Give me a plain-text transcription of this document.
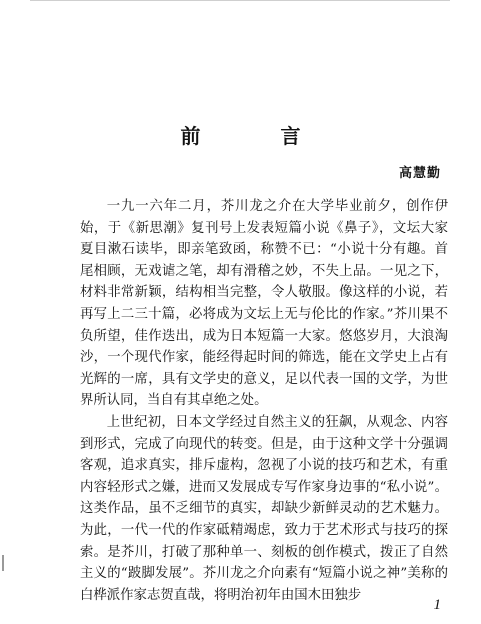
前　言
高慧勤

一九一六年二月，芥川龙之介在大学毕业前夕，创作伊始，于《新思潮》复刊号上发表短篇小说《鼻子》，文坛大家夏目漱石读毕，即亲笔致函，称赞不已：“小说十分有趣。首尾相顾，无戏谑之笔，却有滑稽之妙，不失上品。一见之下，材料非常新颖，结构相当完整，令人敬服。像这样的小说，若再写上二三十篇，必将成为文坛上无与伦比的作家。”芥川果不负所望，佳作迭出，成为日本短篇一大家。悠悠岁月，大浪淘沙，一个现代作家，能经得起时间的筛选，能在文学史上占有光辉的一席，具有文学史的意义，足以代表一国的文学，为世界所认同，当自有其卓绝之处。

上世纪初，日本文学经过自然主义的狂飙，从观念、内容到形式，完成了向现代的转变。但是，由于这种文学十分强调客观，追求真实，排斥虚构，忽视了小说的技巧和艺术，有重内容轻形式之嫌，进而又发展成专写作家身边事的“私小说”。这类作品，虽不乏细节的真实，却缺少新鲜灵动的艺术魅力。为此，一代一代的作家砥精竭虑，致力于艺术形式与技巧的探索。是芥川，打破了那种单一、刻板的创作模式，拨正了自然主义的“跛脚发展”。芥川龙之介向素有“短篇小说之神”美称的白桦派作家志贺直哉，将明治初年由国木田独步

1
